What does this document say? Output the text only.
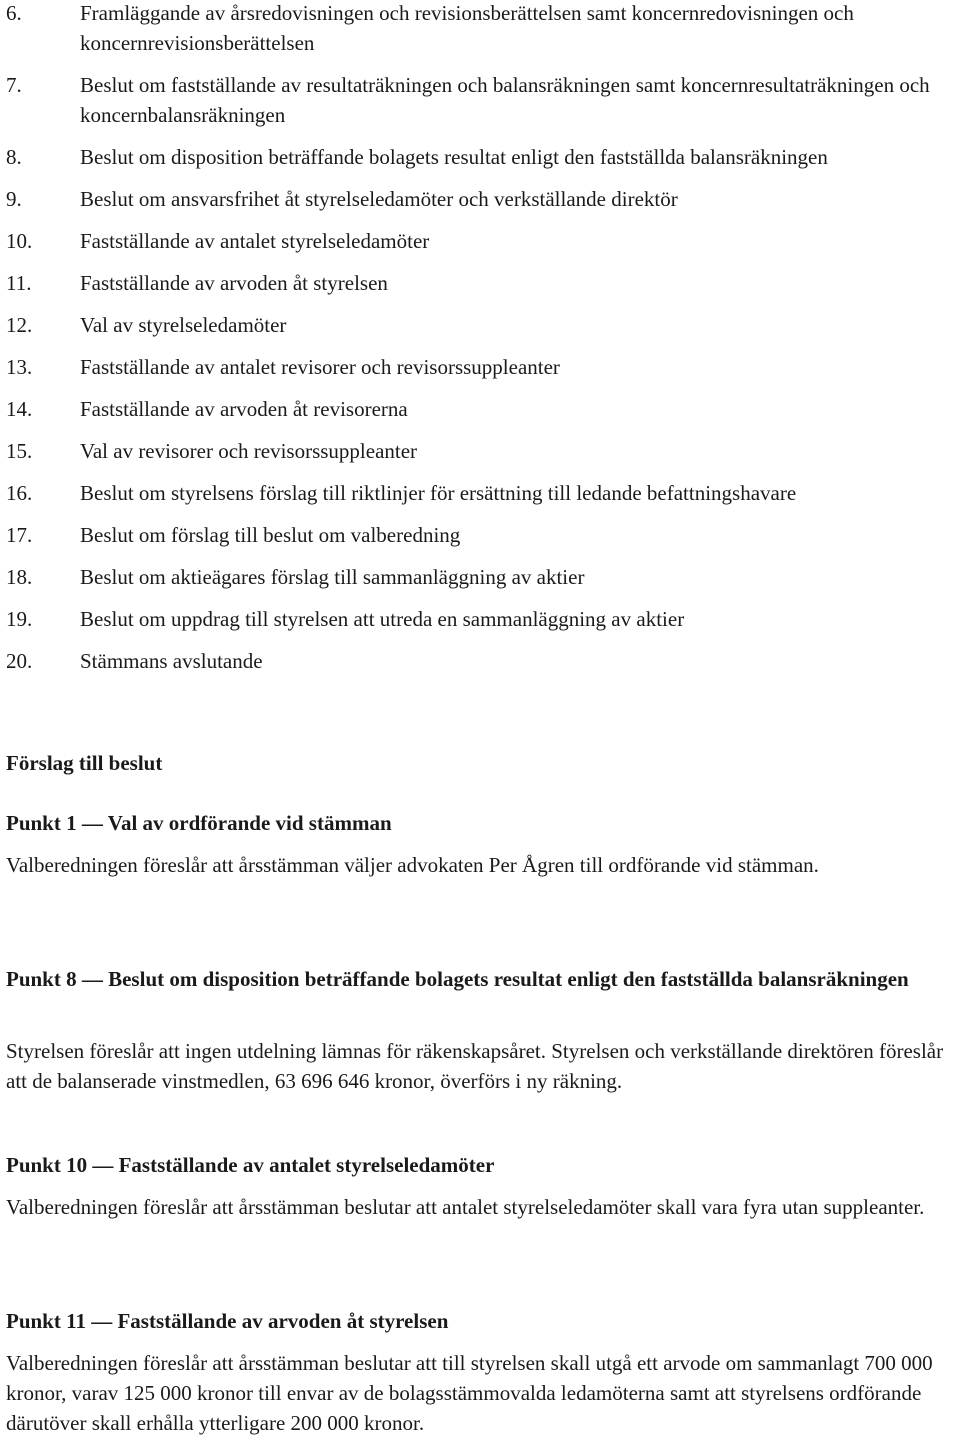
6.	Framläggande av årsredovisningen och revisionsberättelsen samt koncernredovisningen och koncernrevisionsberättelsen
7.	Beslut om fastställande av resultaträkningen och balansräkningen samt koncernresultaträkningen och koncernbalansräkningen
8.	Beslut om disposition beträffande bolagets resultat enligt den fastställda balansräkningen
9.	Beslut om ansvarsfrihet åt styrelseledamöter och verkställande direktör
10.	Fastställande av antalet styrelseledamöter
11.	Fastställande av arvoden åt styrelsen
12.	Val av styrelseledamöter
13.	Fastställande av antalet revisorer och revisorssuppleanter
14.	Fastställande av arvoden åt revisorerna
15.	Val av revisorer och revisorssuppleanter
16.	Beslut om styrelsens förslag till riktlinjer för ersättning till ledande befattningshavare
17.	Beslut om förslag till beslut om valberedning
18.	Beslut om aktieägares förslag till sammanläggning av aktier
19.	Beslut om uppdrag till styrelsen att utreda en sammanläggning av aktier
20.	Stämmans avslutande
Förslag till beslut
Punkt 1 — Val av ordförande vid stämman

Valberedningen föreslår att årsstämman väljer advokaten Per Ågren till ordförande vid stämman.

Punkt 8 — Beslut om disposition beträffande bolagets resultat enligt den fastställda balansräkningen

Styrelsen föreslår att ingen utdelning lämnas för räkenskapsåret. Styrelsen och verkställande direktören föreslår att de balanserade vinstmedlen, 63 696 646 kronor, överförs i ny räkning.

Punkt 10 — Fastställande av antalet styrelseledamöter

Valberedningen föreslår att årsstämman beslutar att antalet styrelseledamöter skall vara fyra utan suppleanter.

Punkt 11 — Fastställande av arvoden åt styrelsen

Valberedningen föreslår att årsstämman beslutar att till styrelsen skall utgå ett arvode om sammanlagt 700 000 kronor, varav 125 000 kronor till envar av de bolagsstämmovalda ledamöterna samt att styrelsens ordförande därutöver skall erhålla ytterligare 200 000 kronor.
